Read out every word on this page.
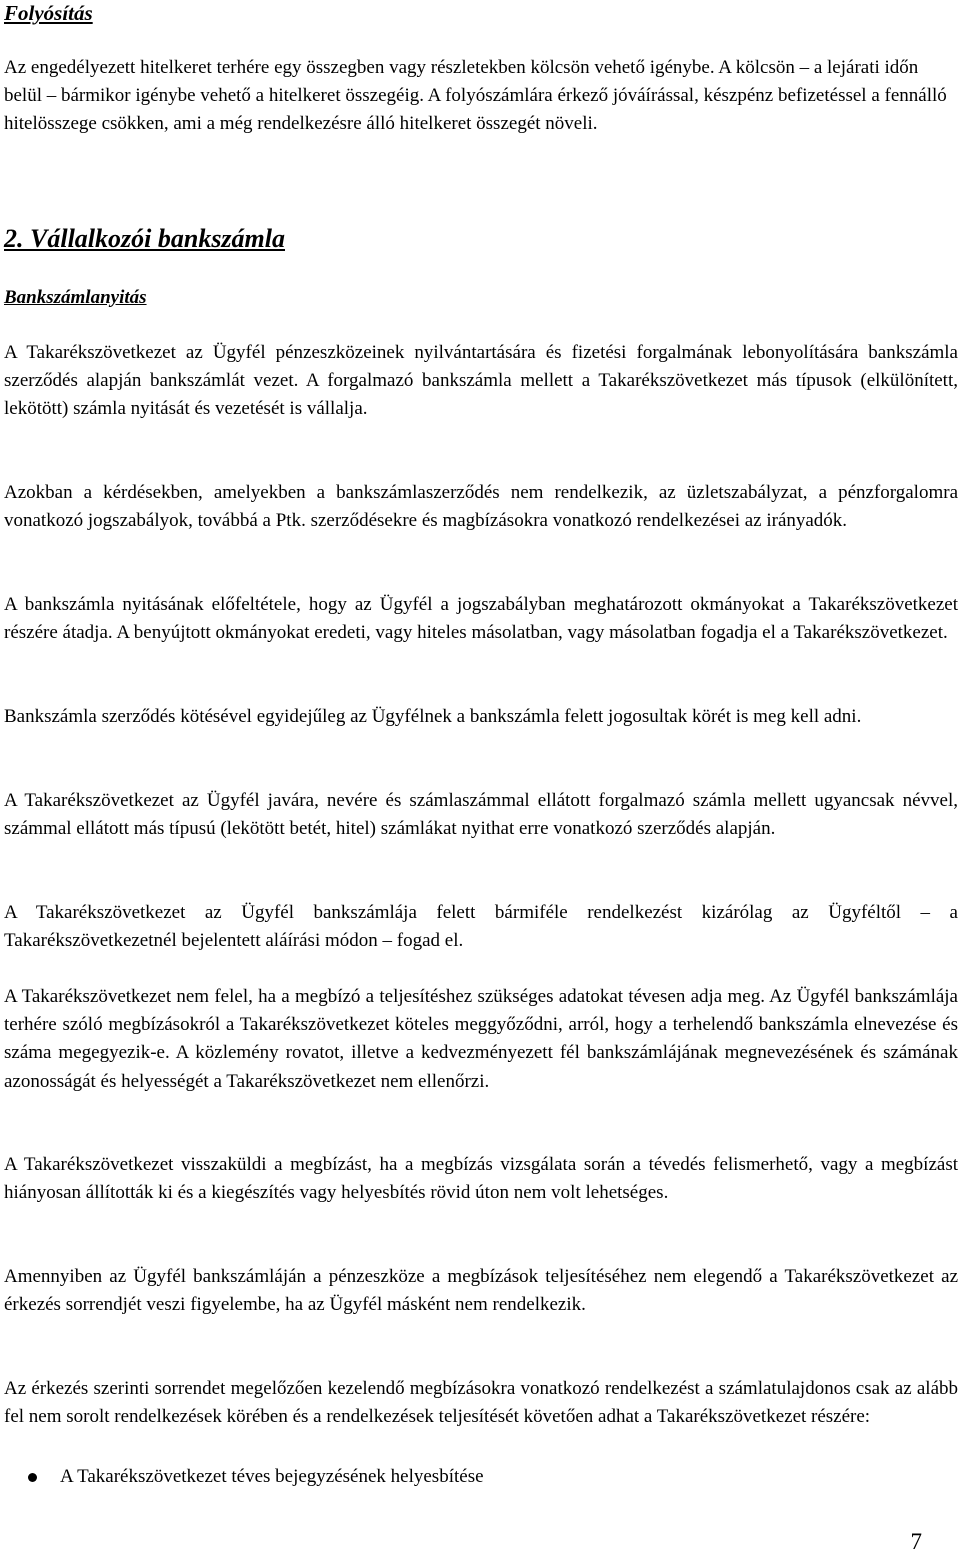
Folyósítás

Az engedélyezett hitelkeret terhére egy összegben vagy részletekben kölcsön vehető igénybe. A kölcsön – a lejárati időn belül – bármikor igénybe vehető a hitelkeret összegéig. A folyószámlára érkező jóváírással, készpénz befizetéssel a fennálló hitelösszege csökken, ami a még rendelkezésre álló hitelkeret összegét növeli.

2. Vállalkozói bankszámla
Bankszámlanyitás

A Takarékszövetkezet az Ügyfél pénzeszközeinek nyilvántartására és fizetési forgalmának lebonyolítására bankszámla szerződés alapján bankszámlát vezet. A forgalmazó bankszámla mellett a Takarékszövetkezet más típusok (elkülönített, lekötött) számla nyitását és vezetését is vállalja.

Azokban a kérdésekben, amelyekben a bankszámlaszerződés nem rendelkezik, az üzletszabályzat, a pénzforgalomra vonatkozó jogszabályok, továbbá a Ptk. szerződésekre és magbízásokra vonatkozó rendelkezései az irányadók.

A bankszámla nyitásának előfeltétele, hogy az Ügyfél a jogszabályban meghatározott okmányokat a Takarékszövetkezet részére átadja. A benyújtott okmányokat eredeti, vagy hiteles másolatban, vagy másolatban fogadja el a Takarékszövetkezet.

Bankszámla szerződés kötésével egyidejűleg az Ügyfélnek a bankszámla felett jogosultak körét is meg kell adni.

A Takarékszövetkezet az Ügyfél javára, nevére és számlaszámmal ellátott forgalmazó számla mellett ugyancsak névvel, számmal ellátott más típusú (lekötött betét, hitel) számlákat nyithat erre vonatkozó szerződés alapján.

A Takarékszövetkezet az Ügyfél bankszámlája felett bármiféle rendelkezést kizárólag az Ügyféltől – a Takarékszövetkezetnél bejelentett aláírási módon – fogad el.

A Takarékszövetkezet nem felel, ha a megbízó a teljesítéshez szükséges adatokat tévesen adja meg. Az Ügyfél bankszámlája terhére szóló megbízásokról a Takarékszövetkezet köteles meggyőződni, arról, hogy a terhelendő bankszámla elnevezése és száma megegyezik-e. A közlemény rovatot, illetve a kedvezményezett fél bankszámlájának megnevezésének és számának azonosságát és helyességét a Takarékszövetkezet nem ellenőrzi.

A Takarékszövetkezet visszaküldi a megbízást, ha a megbízás vizsgálata során a tévedés felismerhető, vagy a megbízást hiányosan állították ki és a kiegészítés vagy helyesbítés rövid úton nem volt lehetséges.

Amennyiben az Ügyfél bankszámláján a pénzeszköze a megbízások teljesítéséhez nem elegendő a Takarékszövetkezet az érkezés sorrendjét veszi figyelembe, ha az Ügyfél másként nem rendelkezik.

Az érkezés szerinti sorrendet megelőzően kezelendő megbízásokra vonatkozó rendelkezést a számlatulajdonos csak az alább fel nem sorolt rendelkezések körében és a rendelkezések teljesítését követően adhat a Takarékszövetkezet részére:

A Takarékszövetkezet téves bejegyzésének helyesbítése
7
